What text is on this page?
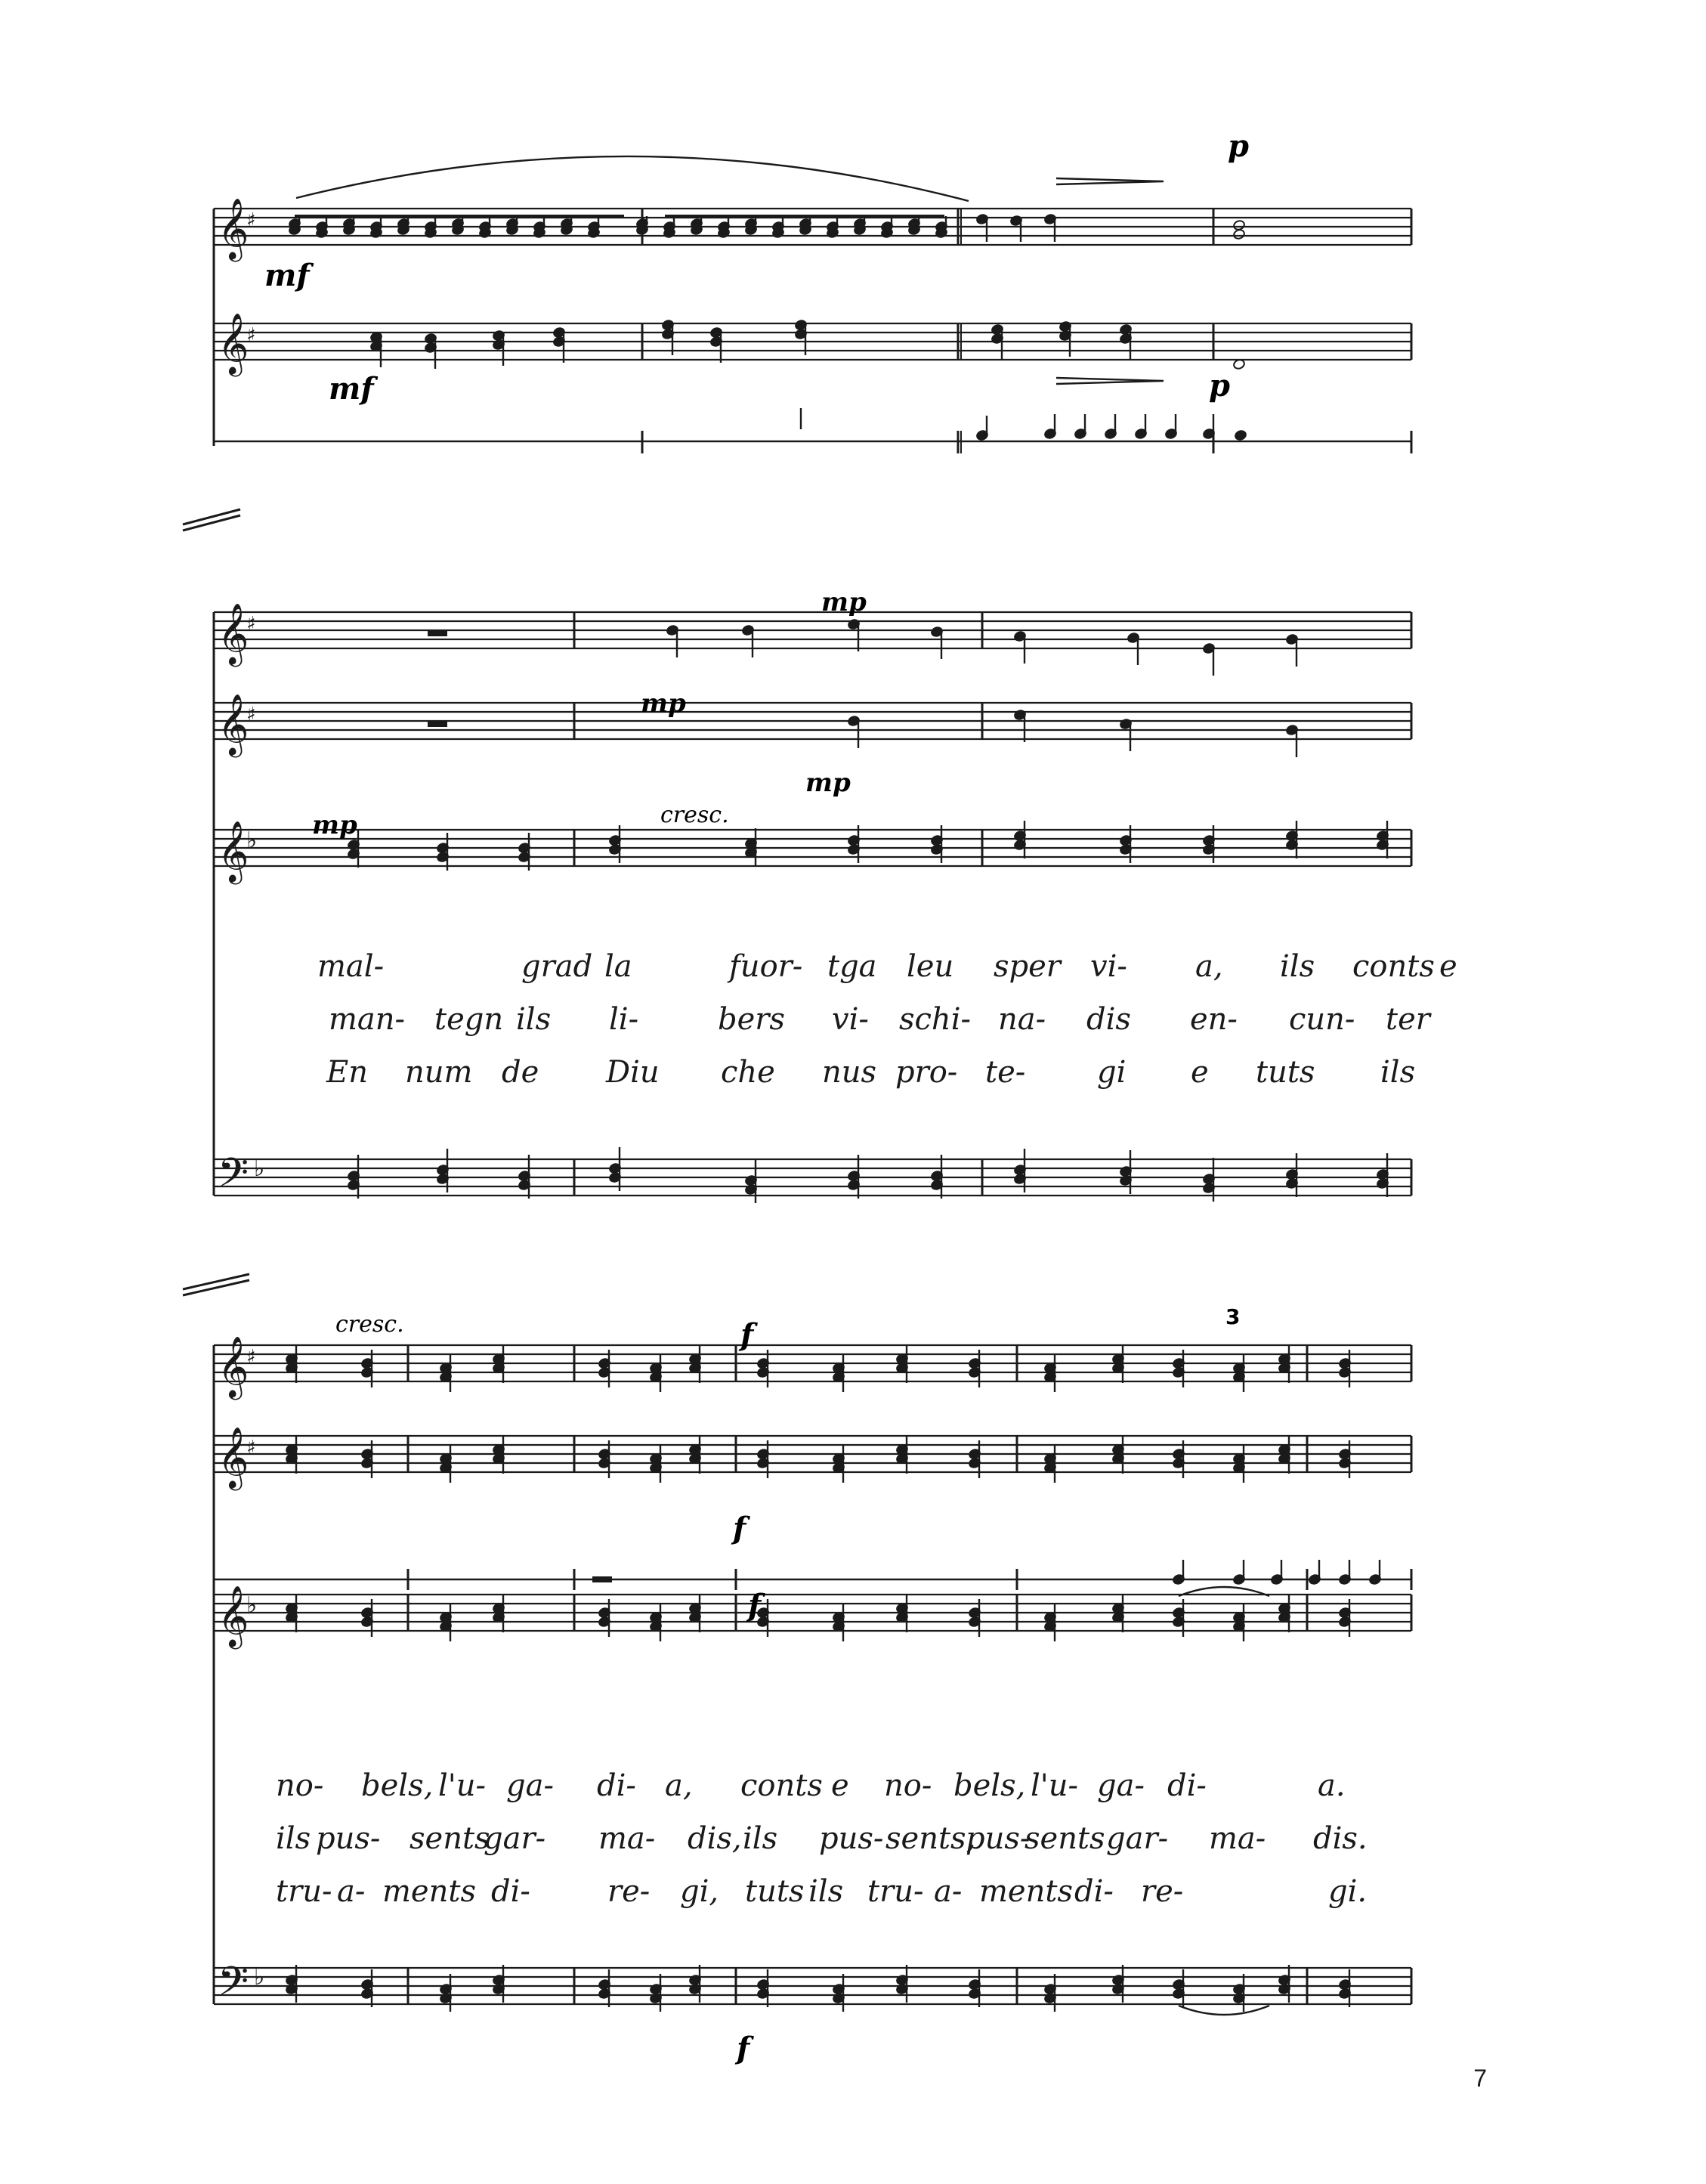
𝄞
𝄞
♯
♯
𝄞
𝄞
𝄞
𝄢
♯
♯
♭
♭
𝄞
𝄞
𝄞
𝄢
♯
♯
♭
♭
mf
mf
p
p
mp
mp
mp
mp	cresc.
cresc.	f
f
f
f
3
mal-	grad la	fuor- tga leu sper vi- a, ils conts e
man- tegn ils li-	bers vi- schi- na- dis en- cun- ter
En num de Diu che nus pro- te- gi e tuts ils
no- bels, l'u- ga- di- a, conts e no- bels, l'u- ga- di-	a.
ils pus- sents
gar- ma- dis, ils pus- sents,
pus-
sents gar- ma- dis.
tru- a- ments di-	re- gi, tuts ils tru- a- ments di- re-	gi.
7
